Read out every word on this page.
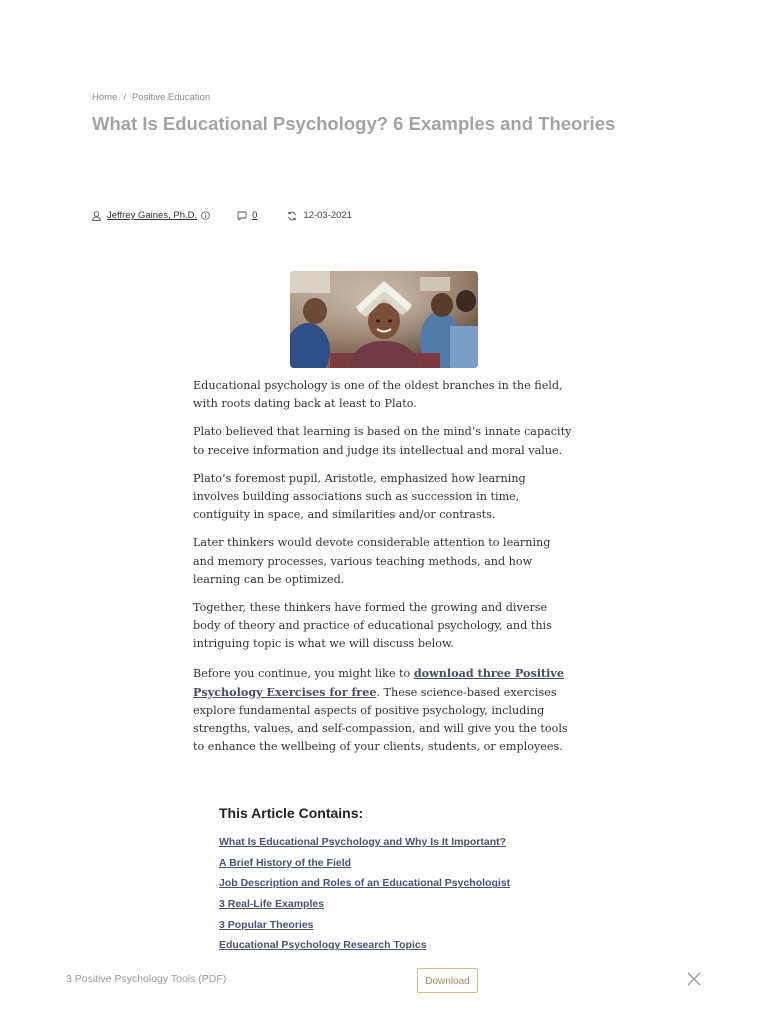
Home / Positive Education
What Is Educational Psychology? 6 Examples and Theories
Jeffrey Gaines, Ph.D.	0	12-03-2021

Educational psychology is one of the oldest branches in the field, with roots dating back at least to Plato.

Plato believed that learning is based on the mind’s innate capacity to receive information and judge its intellectual and moral value.

Plato’s foremost pupil, Aristotle, emphasized how learning involves building associations such as succession in time, contiguity in space, and similarities and/or contrasts.

Later thinkers would devote considerable attention to learning and memory processes, various teaching methods, and how learning can be optimized.

Together, these thinkers have formed the growing and diverse body of theory and practice of educational psychology, and this intriguing topic is what we will discuss below.

Before you continue, you might like to download three Positive Psychology Exercises for free. These science-based exercises explore fundamental aspects of positive psychology, including strengths, values, and self-compassion, and will give you the tools to enhance the wellbeing of your clients, students, or employees.

This Article Contains:
What Is Educational Psychology and Why Is It Important?
A Brief History of the Field
Job Description and Roles of an Educational Psychologist
3 Real-Life Examples
3 Popular Theories
Educational Psychology Research Topics
3 Positive Psychology Tools (PDF)	Download
